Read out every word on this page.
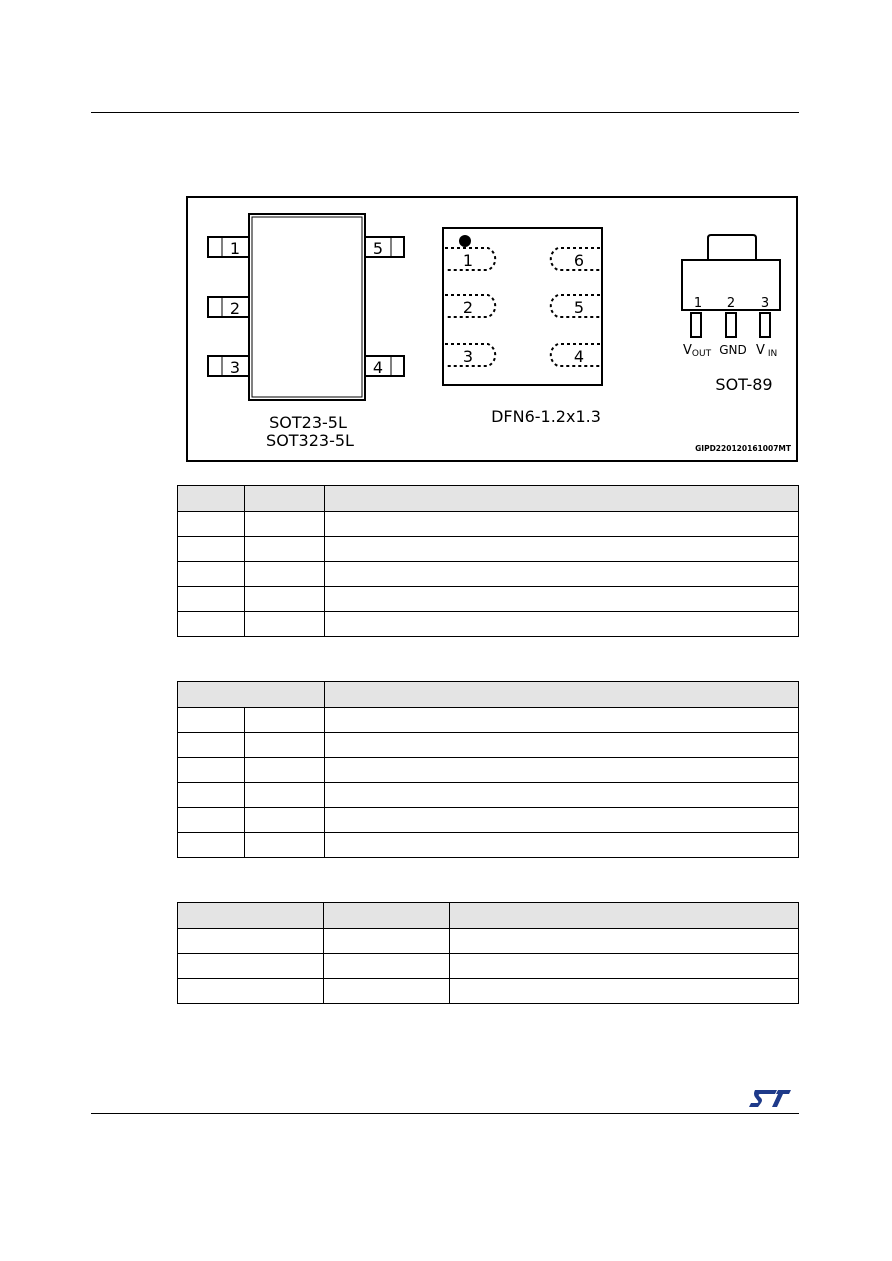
1
2
3
5
4
SOT23-5L
SOT323-5L
1
2
3
6
5
4
DFN6-1.2x1.3
1 2 3
VOUT GND V IN
SOT-89
GIPD220120161007MT
